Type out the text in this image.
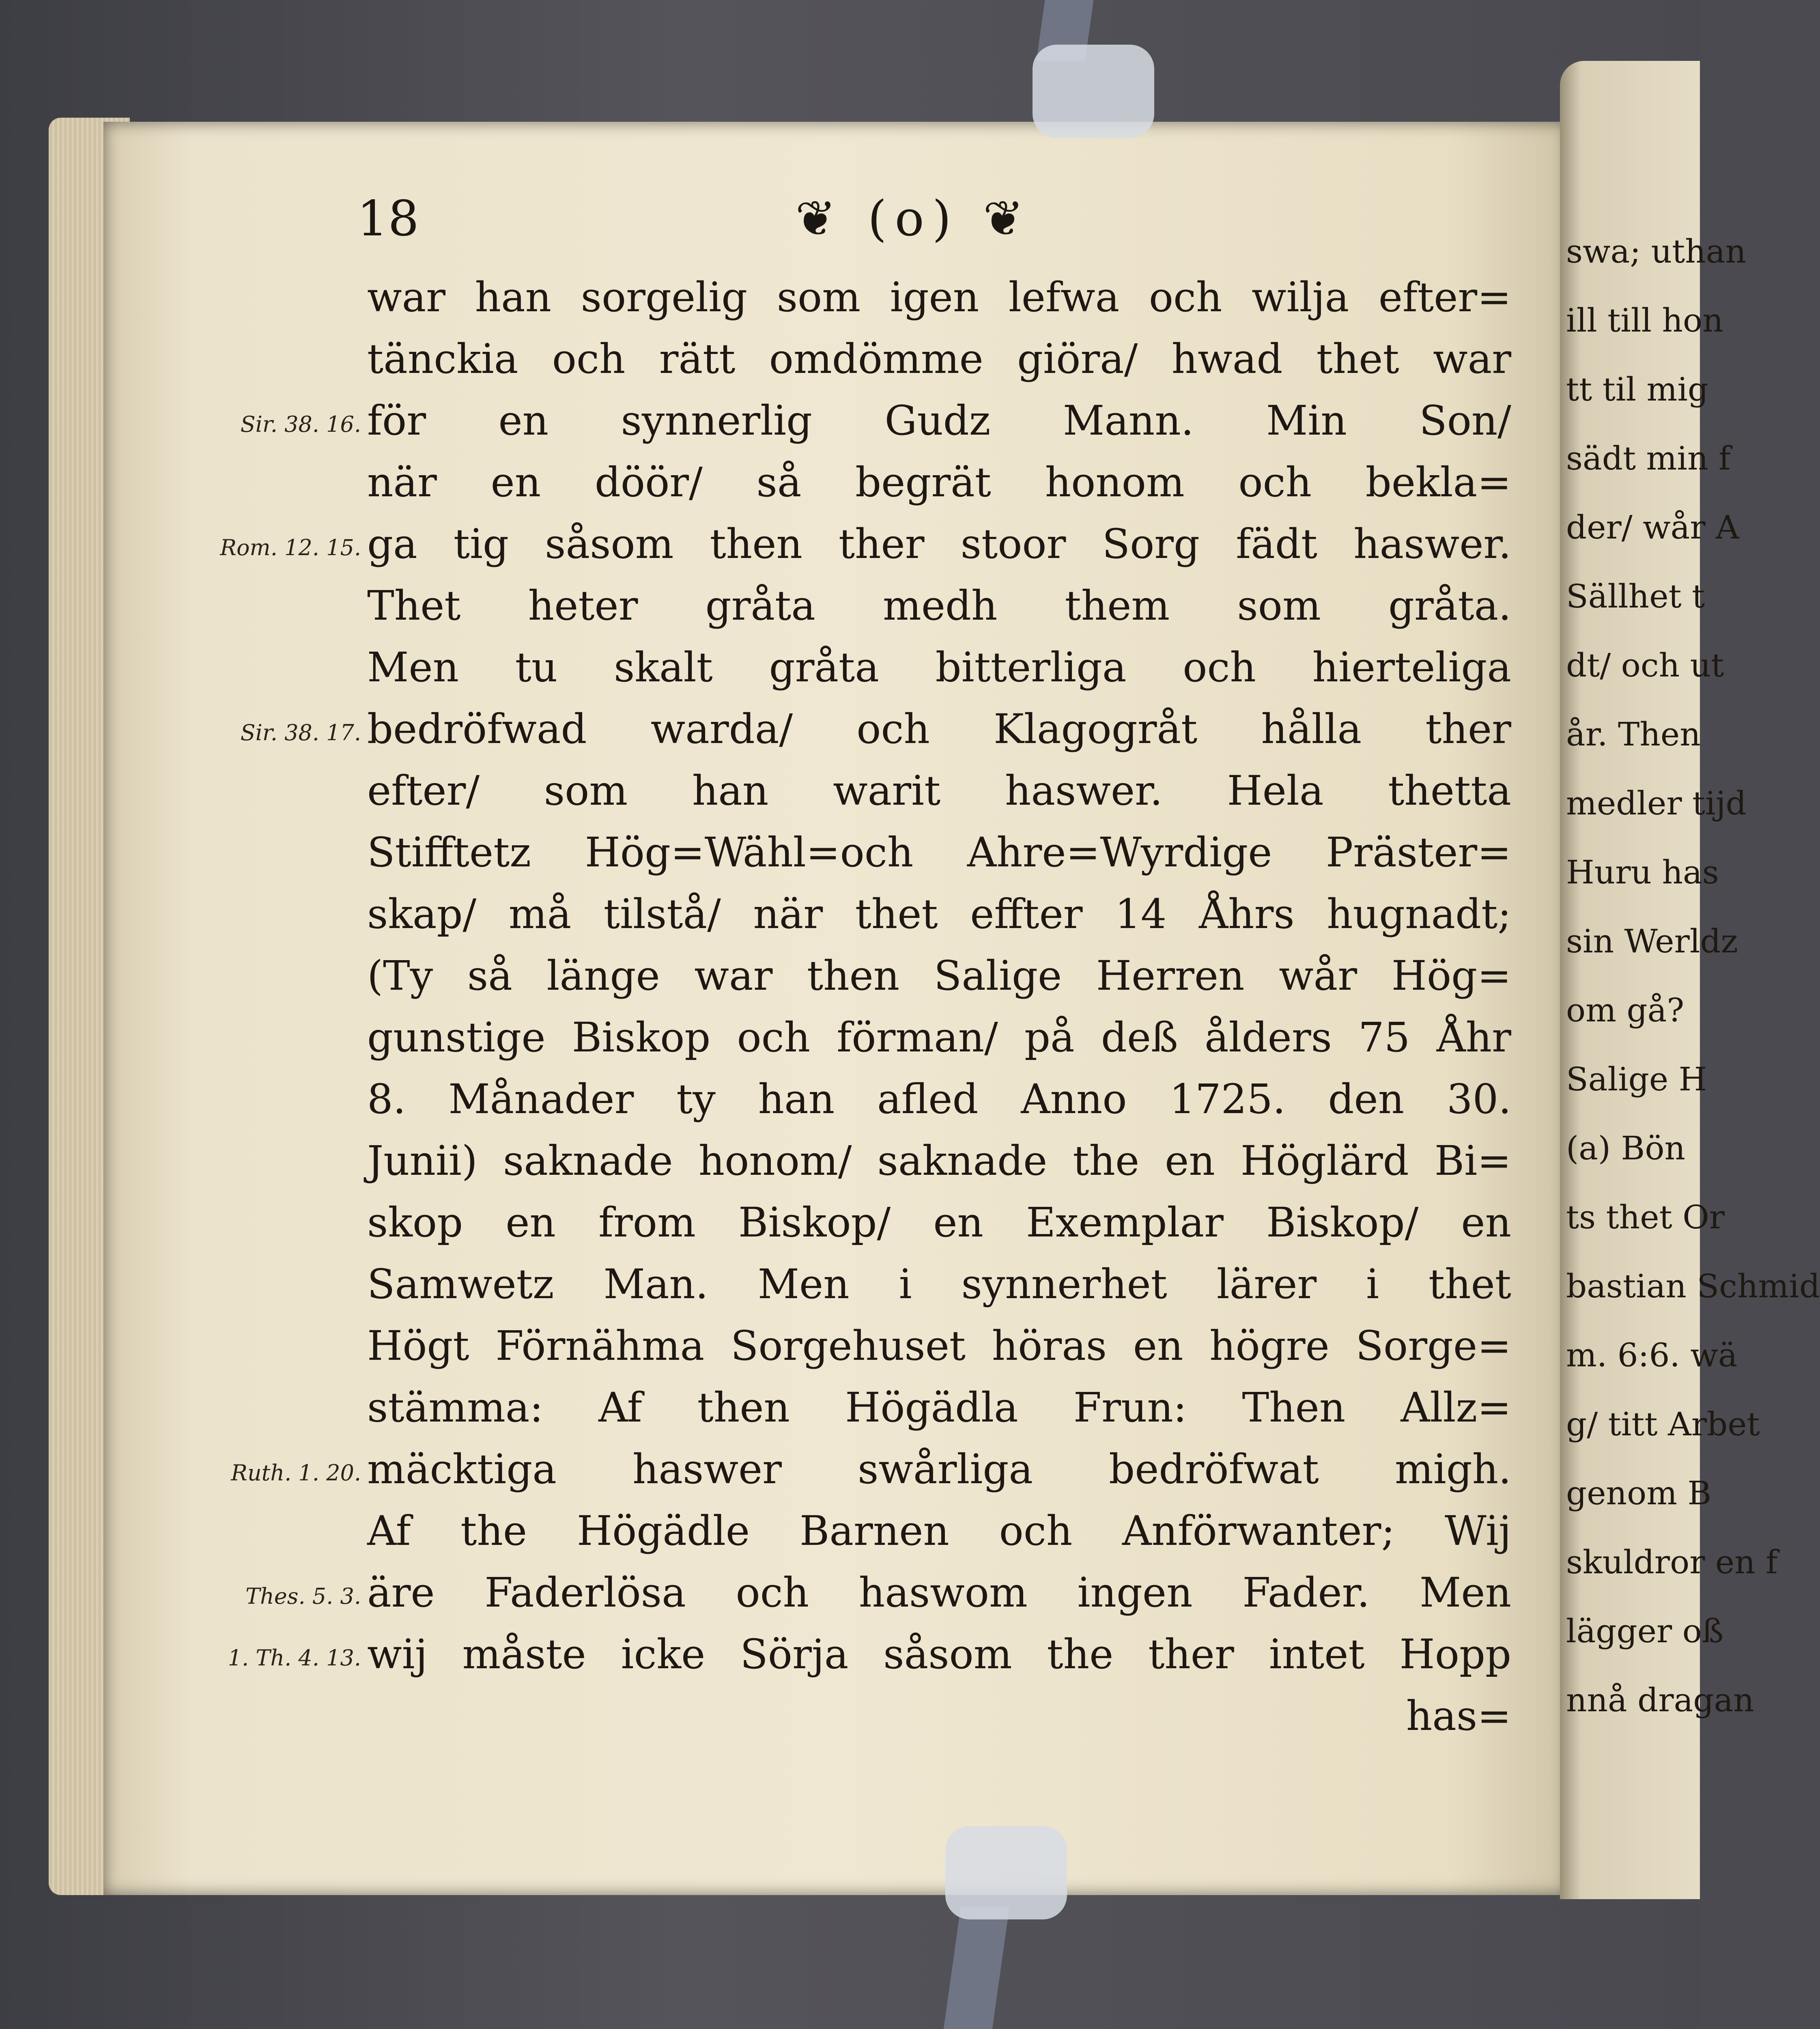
18	❦ (o) ❦
war han sorgelig som igen lefwa och wilja efter=
tänckia och rätt omdömme giöra/ hwad thet war
för en synnerlig Gudz Mann. Min Son/
när en döör/ så begrät honom och bekla=
ga tig såsom then ther stoor Sorg fädt haswer.
Thet heter gråta medh them som gråta.
Men tu skalt gråta bitterliga och hierteliga
bedröfwad warda/ och Klagogråt hålla ther
efter/ som han warit haswer. Hela thetta
Stifftetz Hög=Wähl=och Ahre=Wyrdige Präster=
skap/ må tilstå/ när thet effter 14 Åhrs hugnadt;
(Ty så länge war then Salige Herren wår Hög=
gunstige Biskop och förman/ på deß ålders 75 Åhr
8. Månader ty han afled Anno 1725. den 30.
Junii) saknade honom/ saknade the en Höglärd Bi=
skop en from Biskop/ en Exemplar Biskop/ en
Samwetz Man. Men i synnerhet lärer i thet
Högt Förnähma Sorgehuset höras en högre Sorge=
stämma: Af then Högädla Frun: Then Allz=
mäcktiga haswer swårliga bedröfwat migh.
Af the Högädle Barnen och Anförwanter; Wij
äre Faderlösa och haswom ingen Fader. Men
wij måste icke Sörja såsom the ther intet Hopp
has=
Sir. 38. 16.
Rom. 12. 15.
Sir. 38. 17.
Ruth. 1. 20.
Thes. 5. 3.
1. Th. 4. 13.
swa; uthan
ill till hon
tt til mig
sädt min f
der/ wår A
Sällhet t
dt/ och ut
år. Then
medler tijd
Huru has
sin Werldz
om gå?
Salige H
(a) Bön
ts thet Or
bastian Schmid
m. 6:6. wä
g/ titt Arbet
genom B
skuldror en f
lägger oß
nnå dragan
